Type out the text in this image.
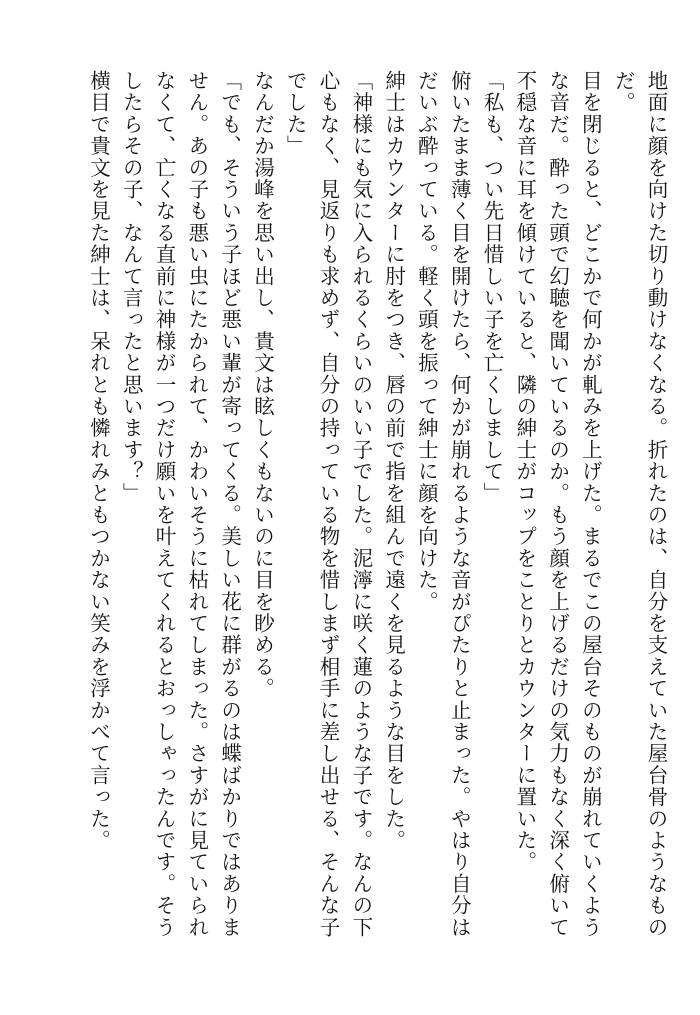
地面に顔を向けた切り動けなくなる。折れたのは、自分を支えていた屋台骨のようなものだ。

目を閉じると、どこかで何かが軋みを上げた。まるでこの屋台そのものが崩れていくような音だ。酔った頭で幻聴を聞いているのか。もう顔を上げるだけの気力もなく深く俯いて不穏な音に耳を傾けていると、隣の紳士がコップをことりとカウンターに置いた。

「私も、つい先日惜しい子を亡くしまして」

俯いたまま薄く目を開けたら、何かが崩れるような音がぴたりと止まった。やはり自分はだいぶ酔っている。軽く頭を振って紳士に顔を向けた。

紳士はカウンターに肘をつき、唇の前で指を組んで遠くを見るような目をした。

「神様にも気に入られるくらいのいい子でした。泥濘に咲く蓮のような子です。なんの下心もなく、見返りも求めず、自分の持っている物を惜しまず相手に差し出せる、そんな子でした」

なんだか湯峰を思い出し、貴文は眩しくもないのに目を眇める。

「でも、そういう子ほど悪い輩が寄ってくる。美しい花に群がるのは蝶ばかりではありません。あの子も悪い虫にたかられて、かわいそうに枯れてしまった。さすがに見ていられなくて、亡くなる直前に神様が一つだけ願いを叶えてくれるとおっしゃったんです。そうしたらその子、なんて言ったと思います？」

横目で貴文を見た紳士は、呆れとも憐れみともつかない笑みを浮かべて言った。
